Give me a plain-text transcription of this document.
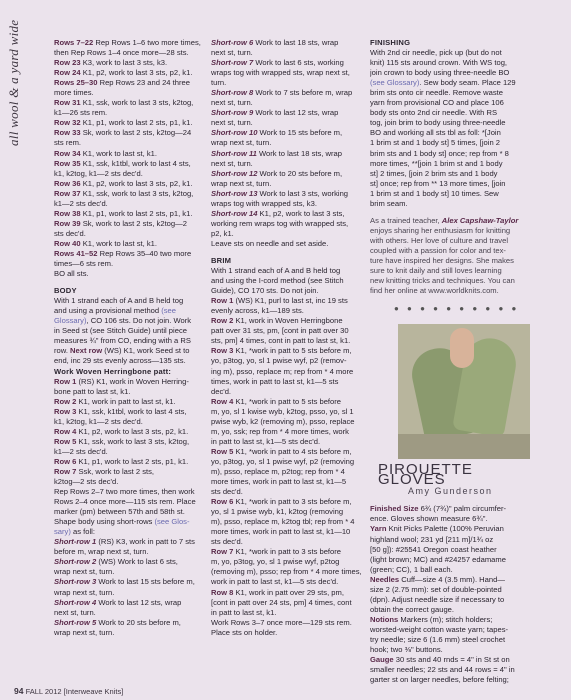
all wool & a yard wide	Rows 7–22 Rep Rows 1–6 two more times,
then Rep Rows 1–4 once more—28 sts.
Row 23 K3, work to last 3 sts, k3.
Row 24 K1, p2, work to last 3 sts, p2, k1.
Rows 25–30 Rep Rows 23 and 24 three
more times.
Row 31 K1, ssk, work to last 3 sts, k2tog,
k1—26 sts rem.
Row 32 K1, p1, work to last 2 sts, p1, k1.
Row 33 Sk, work to last 2 sts, k2tog—24
sts rem.
Row 34 K1, work to last st, k1.
Row 35 K1, ssk, k1tbl, work to last 4 sts,
k1, k2tog, k1—2 sts dec'd.
Row 36 K1, p2, work to last 3 sts, p2, k1.
Row 37 K1, ssk, work to last 3 sts, k2tog,
k1—2 sts dec'd.
Row 38 K1, p1, work to last 2 sts, p1, k1.
Row 39 Sk, work to last 2 sts, k2tog—2
sts dec'd.
Row 40 K1, work to last st, k1.
Rows 41–52 Rep Rows 35–40 two more
times—6 sts rem.
BO all sts.
BODY
With 1 strand each of A and B held tog
and using a provisional method (see
Glossary), CO 106 sts. Do not join. Work
in Seed st (see Stitch Guide) until piece
measures ¾" from CO, ending with a RS
row. Next row (WS) K1, work Seed st to
end, inc 29 sts evenly across—135 sts.
Work Woven Herringbone patt:
Row 1 (RS) K1, work in Woven Herring-
bone patt to last st, k1.
Row 2 K1, work in patt to last st, k1.
Row 3 K1, ssk, k1tbl, work to last 4 sts,
k1, k2tog, k1—2 sts dec'd.
Row 4 K1, p2, work to last 3 sts, p2, k1.
Row 5 K1, ssk, work to last 3 sts, k2tog,
k1—2 sts dec'd.
Row 6 K1, p1, work to last 2 sts, p1, k1.
Row 7 Ssk, work to last 2 sts,
k2tog—2 sts dec'd.
Rep Rows 2–7 two more times, then work
Rows 2–4 once more—115 sts rem. Place
marker (pm) between 57th and 58th st.
Shape body using short-rows (see Glos-
sary) as foll:
Short-row 1 (RS) K3, work in patt to 7 sts
before m, wrap next st, turn.
Short-row 2 (WS) Work to last 6 sts,
wrap next st, turn.
Short-row 3 Work to last 15 sts before m,
wrap next st, turn.
Short-row 4 Work to last 12 sts, wrap
next st, turn.
Short-row 5 Work to 20 sts before m,
wrap next st, turn.
Short-row 6 Work to last 18 sts, wrap
next st, turn.
Short-row 7 Work to last 6 sts, working
wraps tog with wrapped sts, wrap next st,
turn.
Short-row 8 Work to 7 sts before m, wrap
next st, turn.
Short-row 9 Work to last 12 sts, wrap
next st, turn.
Short-row 10 Work to 15 sts before m,
wrap next st, turn.
Short-row 11 Work to last 18 sts, wrap
next st, turn.
Short-row 12 Work to 20 sts before m,
wrap next st, turn.
Short-row 13 Work to last 3 sts, working
wraps tog with wrapped sts, k3.
Short-row 14 K1, p2, work to last 3 sts,
working rem wraps tog with wrapped sts,
p2, k1.
Leave sts on needle and set aside.
BRIM
With 1 strand each of A and B held tog
and using the I-cord method (see Stitch
Guide), CO 170 sts. Do not join.
Row 1 (WS) K1, purl to last st, inc 19 sts
evenly across, k1—189 sts.
Row 2 K1, work in Woven Herringbone
patt over 31 sts, pm, [cont in patt over 30
sts, pm] 4 times, cont in patt to last st, k1.
Row 3 K1, *work in patt to 5 sts before m,
yo, p3tog, yo, sl 1 pwise wyf, p2 (remov-
ing m), psso, replace m; rep from * 4 more
times, work in patt to last st, k1—5 sts
dec'd.
Row 4 K1, *work in patt to 5 sts before
m, yo, sl 1 kwise wyb, k2tog, psso, yo, sl 1
pwise wyb, k2 (removing m), psso, replace
m, yo, ssk; rep from * 4 more times, work
in patt to last st, k1—5 sts dec'd.
Row 5 K1, *work in patt to 4 sts before m,
yo, p3tog, yo, sl 1 pwise wyf, p2 (removing
m), psso, replace m, p2tog; rep from * 4
more times, work in patt to last st, k1—5
sts dec'd.
Row 6 K1, *work in patt to 3 sts before m,
yo, sl 1 pwise wyb, k1, k2tog (removing
m), psso, replace m, k2tog tbl; rep from * 4
more times, work in patt to last st, k1—10
sts dec'd.
Row 7 K1, *work in patt to 3 sts before
m, yo, p3tog, yo, sl 1 pwise wyf, p2tog
(removing m), psso; rep from * 4 more times,
work in patt to last st, k1—5 sts dec'd.
Row 8 K1, work in patt over 29 sts, pm,
[cont in patt over 24 sts, pm] 4 times, cont
in patt to last st, k1.
Work Rows 3–7 once more—129 sts rem.
Place sts on holder.
FINISHING
With 2nd cir needle, pick up (but do not
knit) 115 sts around crown. With WS tog,
join crown to body using three-needle BO
(see Glossary). Sew body seam. Place 129
brim sts onto cir needle. Remove waste
yarn from provisional CO and place 106
body sts onto 2nd cir needle. With RS
tog, join brim to body using three-needle
BO and working all sts tbl as foll: *[Join
1 brim st and 1 body st] 5 times, [join 2
brim sts and 1 body st] once; rep from * 8
more times, **[join 1 brim st and 1 body
st] 2 times, [join 2 brim sts and 1 body
st] once; rep from ** 13 more times, [join
1 brim st and 1 body st] 10 times. Sew
brim seam.
As a trained teacher, Alex Capshaw-Taylor
enjoys sharing her enthusiasm for knitting
with others. Her love of culture and travel
coupled with a passion for color and tex-
ture have inspired her designs. She makes
sure to knit daily and still loves learning
new knitting tricks and techniques. You can
find her online at www.worldknits.com.
● ● ● ● ● ● ● ● ● ●
PIROUETTE GLOVES
Amy Gunderson
Finished Size 6¾ (7¾)" palm circumfer-
ence. Gloves shown measure 6¾".
Yarn Knit Picks Palette (100% Peruvian
highland wool; 231 yd [211 m]/1¾ oz
[50 g]): #25541 Oregon coast heather
(light brown; MC) and #24257 edamame
(green; CC), 1 ball each.
Needles Cuff—size 4 (3.5 mm). Hand—
size 2 (2.75 mm): set of double-pointed
(dpn). Adjust needle size if necessary to
obtain the correct gauge.
Notions Markers (m); stitch holders;
worsted-weight cotton waste yarn; tapes-
try needle; size 6 (1.6 mm) steel crochet
hook; two ⅜" buttons.
Gauge 30 sts and 40 rnds = 4" in St st on
smaller needles; 22 sts and 44 rows = 4" in
garter st on larger needles, before felting;
94 FALL 2012 [Interweave Knits]
